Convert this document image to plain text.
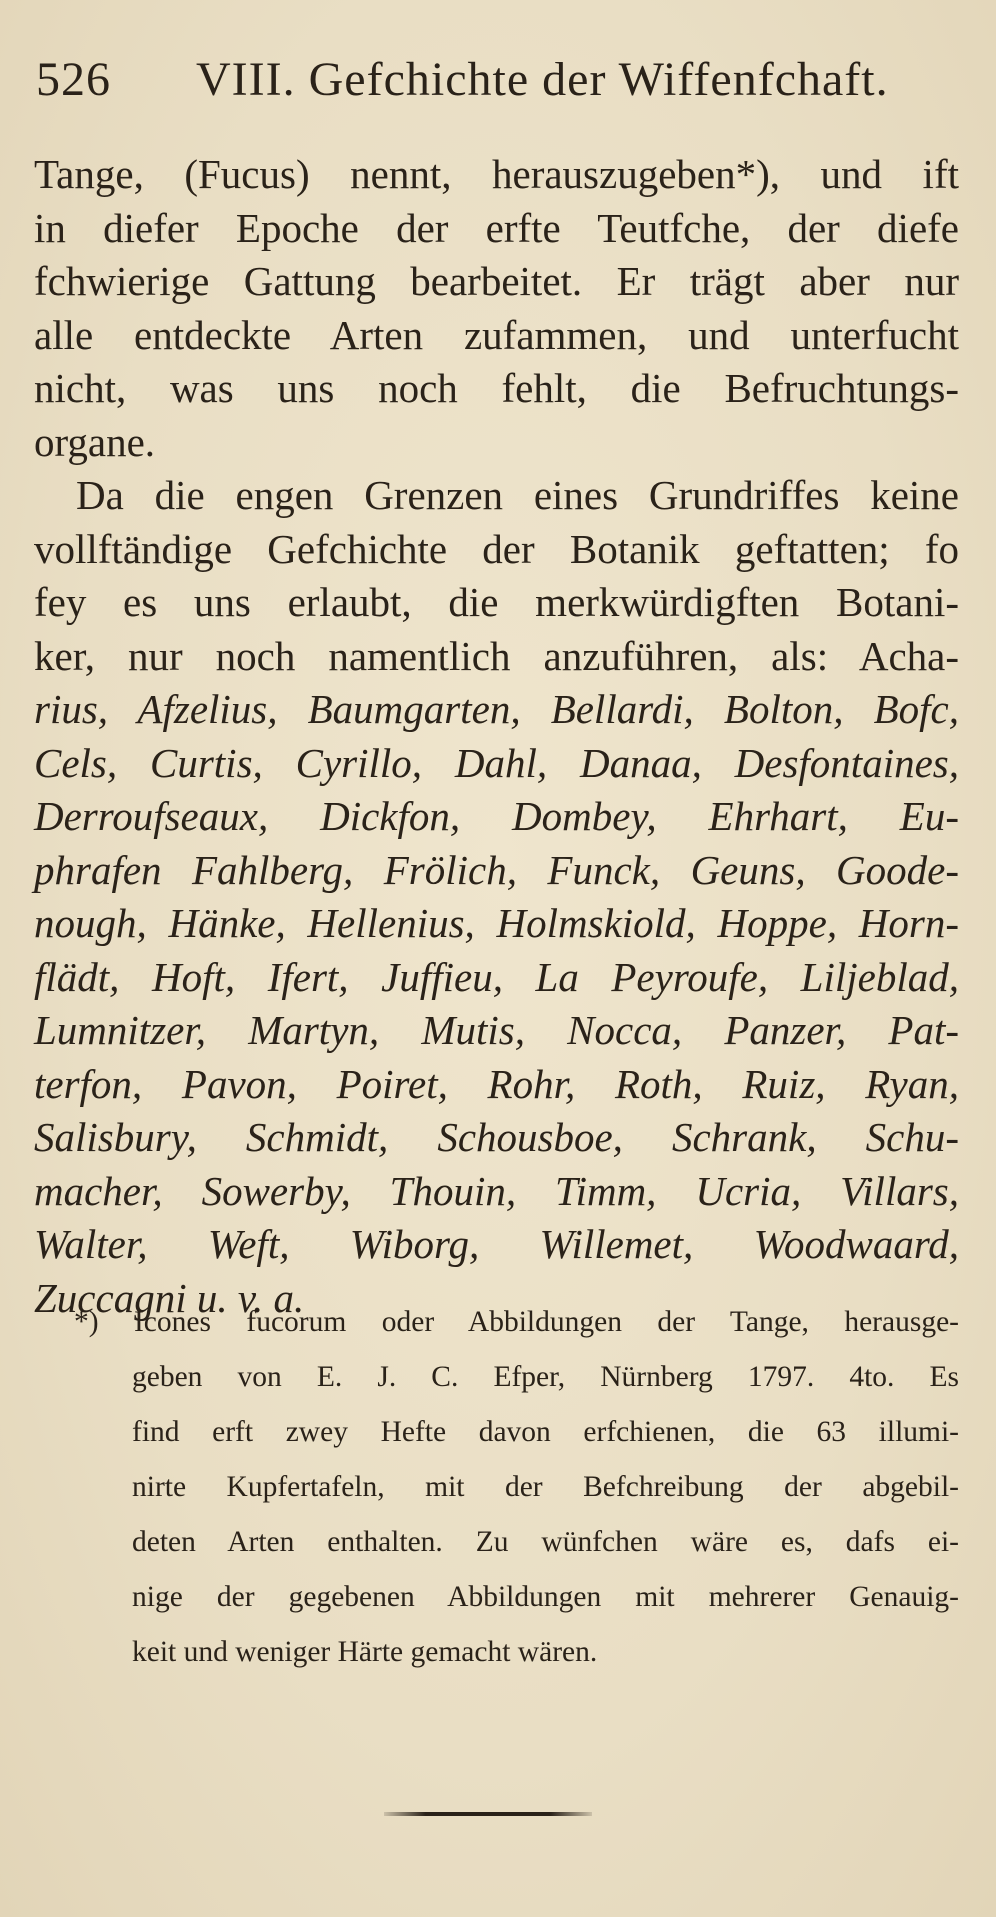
526 VIII. Gefchichte der Wiffenfchaft.
Tange, (Fucus) nennt, herauszugeben*), und ift
in diefer Epoche der erfte Teutfche, der diefe
fchwierige Gattung bearbeitet. Er trägt aber nur
alle entdeckte Arten zufammen, und unterfucht
nicht, was uns noch fehlt, die Befruchtungs-
organe.
Da die engen Grenzen eines Grundriffes keine
vollftändige Gefchichte der Botanik geftatten; fo
fey es uns erlaubt, die merkwürdigften Botani-
ker, nur noch namentlich anzuführen, als: Acha-
rius, Afzelius, Baumgarten, Bellardi, Bolton, Bofc,
Cels, Curtis, Cyrillo, Dahl, Danaa, Desfontaines,
Derroufseaux, Dickfon, Dombey, Ehrhart, Eu-
phrafen Fahlberg, Frölich, Funck, Geuns, Goode-
nough, Hänke, Hellenius, Holmskiold, Hoppe, Horn-
flädt, Hoft, Ifert, Juffieu, La Peyroufe, Liljeblad,
Lumnitzer, Martyn, Mutis, Nocca, Panzer, Pat-
terfon, Pavon, Poiret, Rohr, Roth, Ruiz, Ryan,
Salisbury, Schmidt, Schousboe, Schrank, Schu-
macher, Sowerby, Thouin, Timm, Ucria, Villars,
Walter, Weft, Wiborg, Willemet, Woodwaard,
Zuccagni u. v. a.
*) Icones fucorum oder Abbildungen der Tange, herausge-
geben von E. J. C. Efper, Nürnberg 1797. 4to. Es
find erft zwey Hefte davon erfchienen, die 63 illumi-
nirte Kupfertafeln, mit der Befchreibung der abgebil-
deten Arten enthalten. Zu wünfchen wäre es, dafs ei-
nige der gegebenen Abbildungen mit mehrerer Genauig-
keit und weniger Härte gemacht wären.
